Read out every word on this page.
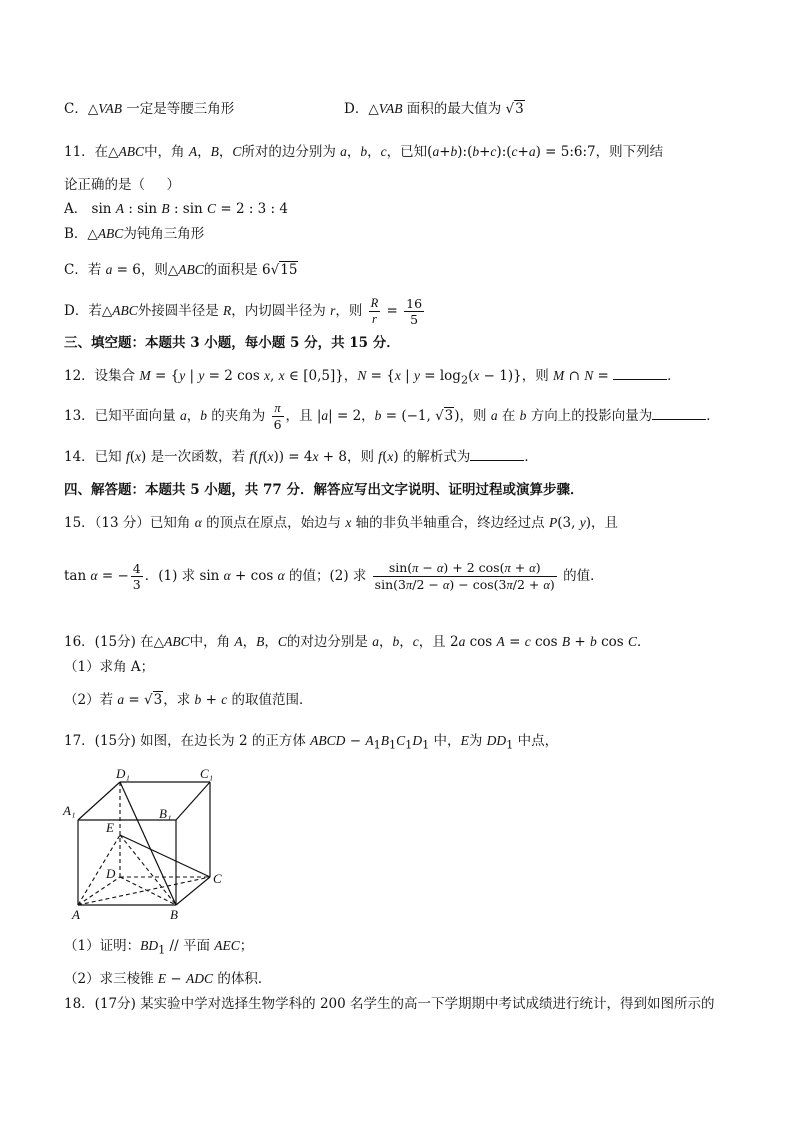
C．△VAB 一定是等腰三角形	D．△VAB 面积的最大值为 √3
11．在△ABC中，角 A，B，C所对的边分别为 a，b，c，已知(a+b):(b+c):(c+a) = 5:6:7，则下列结
论正确的是（     ）
A． sin A : sin B : sin C = 2 : 3 : 4
B．△ABC为钝角三角形
C．若 a = 6，则△ABC的面积是 6√15
D．若△ABC外接圆半径是 R，内切圆半径为 r，则 $\frac{R}{r} = \frac{16}{5}$
三、填空题：本题共 3 小题，每小题 5 分，共 15 分．
12．设集合 M = {y | y = 2 cos x, x ∈ [0,5]}，N = {x | $y = \log_2(x - 1)$}，则 M ∩ N =	．
13．已知平面向量 a，b 的夹角为 $\frac{\pi}{6}$ ，且 |a| = 2，b = (−1, √3)，则 a 在 b 方向上的投影向量为	．
14．已知 f(x) 是一次函数，若 f(f(x)) = 4x + 8，则 f(x) 的解析式为	．
四、解答题：本题共 5 小题，共 77 分．解答应写出文字说明、证明过程或演算步骤．
15．（13 分）已知角 α 的顶点在原点，始边与 x 轴的非负半轴重合，终边经过点 P(3, y)，且
tan α = − $\frac{4}{3}$ ．(1) 求 sin α + cos α 的值；(2) 求 $\frac{\sin(\pi - \alpha) + 2 \cos(\pi + \alpha)}{\sin(3\pi/2 - \alpha) - \cos(3\pi/2 + \alpha)}$ 的值．
16．(15分) 在△ABC中，角 A，B，C的对边分别是 a，b，c，且 2a cos A = c cos B + b cos C．
（1）求角 A；
（2）若 a = √3，求 b + c 的取值范围．
17．(15分) 如图，在边长为 2 的正方体 ABCD − $A_1B_1C_1D_1$ 中，E为 $DD_1$ 中点，
D₁	C₁
A₁	B₁
E
D	C
A	B
（1）证明：$BD_1$ // 平面 AEC；
（2）求三棱锥 E − ADC 的体积．
18．(17分) 某实验中学对选择生物学科的 200 名学生的高一下学期期中考试成绩进行统计，得到如图所示的
